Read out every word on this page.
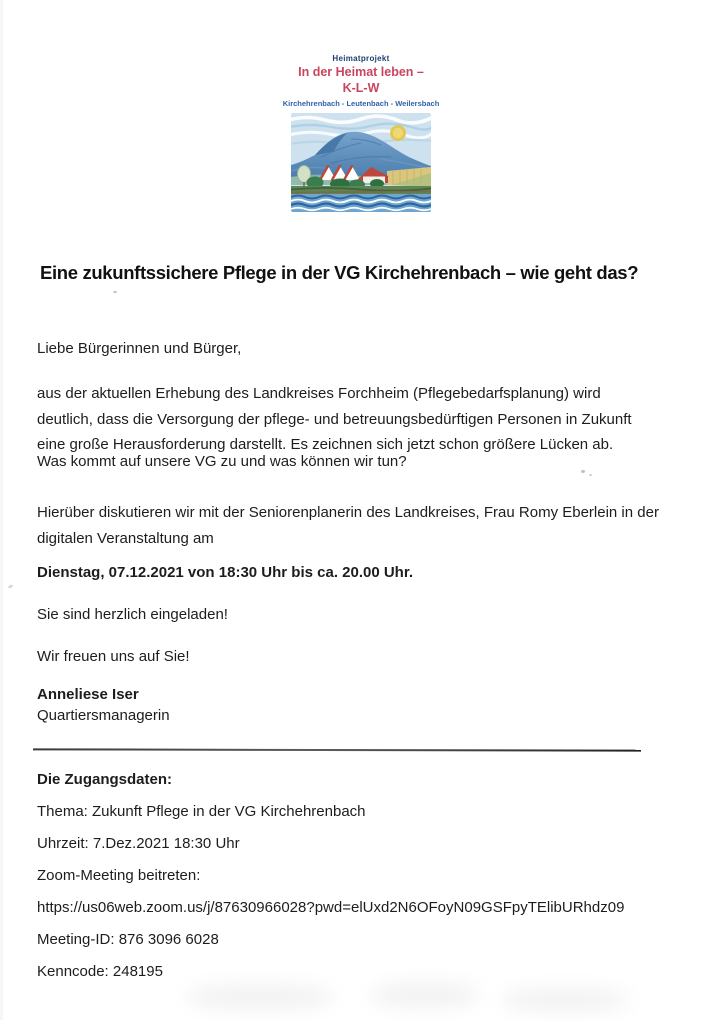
Heimatprojekt
In der Heimat leben –
K-L-W
Kirchehrenbach - Leutenbach - Weilersbach
Eine zukunftssichere Pflege in der VG Kirchehrenbach – wie geht das?

Liebe Bürgerinnen und Bürger,

aus der aktuellen Erhebung des Landkreises Forchheim (Pflegebedarfsplanung) wird deutlich, dass die Versorgung der pflege- und betreuungsbedürftigen Personen in Zukunft eine große Herausforderung darstellt. Es zeichnen sich jetzt schon größere Lücken ab.

Was kommt auf unsere VG zu und was können wir tun?

Hierüber diskutieren wir mit der Seniorenplanerin des Landkreises, Frau Romy Eberlein in der digitalen Veranstaltung am

Dienstag, 07.12.2021 von 18:30 Uhr bis ca. 20.00 Uhr.

Sie sind herzlich eingeladen!

Wir freuen uns auf Sie!

Anneliese Iser

Quartiersmanagerin

Die Zugangsdaten:

Thema: Zukunft Pflege in der VG Kirchehrenbach

Uhrzeit: 7.Dez.2021 18:30 Uhr

Zoom-Meeting beitreten:

https://us06web.zoom.us/j/87630966028?pwd=elUxd2N6OFoyN09GSFpyTElibURhdz09

Meeting-ID: 876 3096 6028

Kenncode: 248195
